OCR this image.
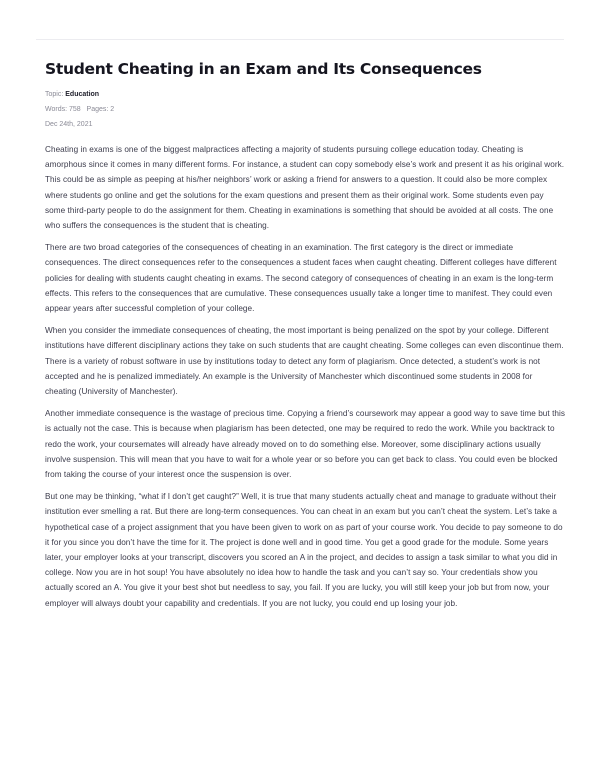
Student Cheating in an Exam and Its Consequences
Topic: Education
Words: 758 Pages: 2
Dec 24th, 2021

Cheating in exams is one of the biggest malpractices affecting a majority of students pursuing college education today. Cheating is amorphous since it comes in many different forms. For instance, a student can copy somebody else’s work and present it as his original work. This could be as simple as peeping at his/her neighbors’ work or asking a friend for answers to a question. It could also be more complex where students go online and get the solutions for the exam questions and present them as their original work. Some students even pay some third-party people to do the assignment for them. Cheating in examinations is something that should be avoided at all costs. The one who suffers the consequences is the student that is cheating.

There are two broad categories of the consequences of cheating in an examination. The first category is the direct or immediate consequences. The direct consequences refer to the consequences a student faces when caught cheating. Different colleges have different policies for dealing with students caught cheating in exams. The second category of consequences of cheating in an exam is the long-term effects. This refers to the consequences that are cumulative. These consequences usually take a longer time to manifest. They could even appear years after successful completion of your college.

When you consider the immediate consequences of cheating, the most important is being penalized on the spot by your college. Different institutions have different disciplinary actions they take on such students that are caught cheating. Some colleges can even discontinue them. There is a variety of robust software in use by institutions today to detect any form of plagiarism. Once detected, a student’s work is not accepted and he is penalized immediately. An example is the University of Manchester which discontinued some students in 2008 for cheating (University of Manchester).

Another immediate consequence is the wastage of precious time. Copying a friend’s coursework may appear a good way to save time but this is actually not the case. This is because when plagiarism has been detected, one may be required to redo the work. While you backtrack to redo the work, your coursemates will already have already moved on to do something else. Moreover, some disciplinary actions usually involve suspension. This will mean that you have to wait for a whole year or so before you can get back to class. You could even be blocked from taking the course of your interest once the suspension is over.

But one may be thinking, “what if I don’t get caught?” Well, it is true that many students actually cheat and manage to graduate without their institution ever smelling a rat. But there are long-term consequences. You can cheat in an exam but you can’t cheat the system. Let’s take a hypothetical case of a project assignment that you have been given to work on as part of your course work. You decide to pay someone to do it for you since you don’t have the time for it. The project is done well and in good time. You get a good grade for the module. Some years later, your employer looks at your transcript, discovers you scored an A in the project, and decides to assign a task similar to what you did in college. Now you are in hot soup! You have absolutely no idea how to handle the task and you can’t say so. Your credentials show you actually scored an A. You give it your best shot but needless to say, you fail. If you are lucky, you will still keep your job but from now, your employer will always doubt your capability and credentials. If you are not lucky, you could end up losing your job.
